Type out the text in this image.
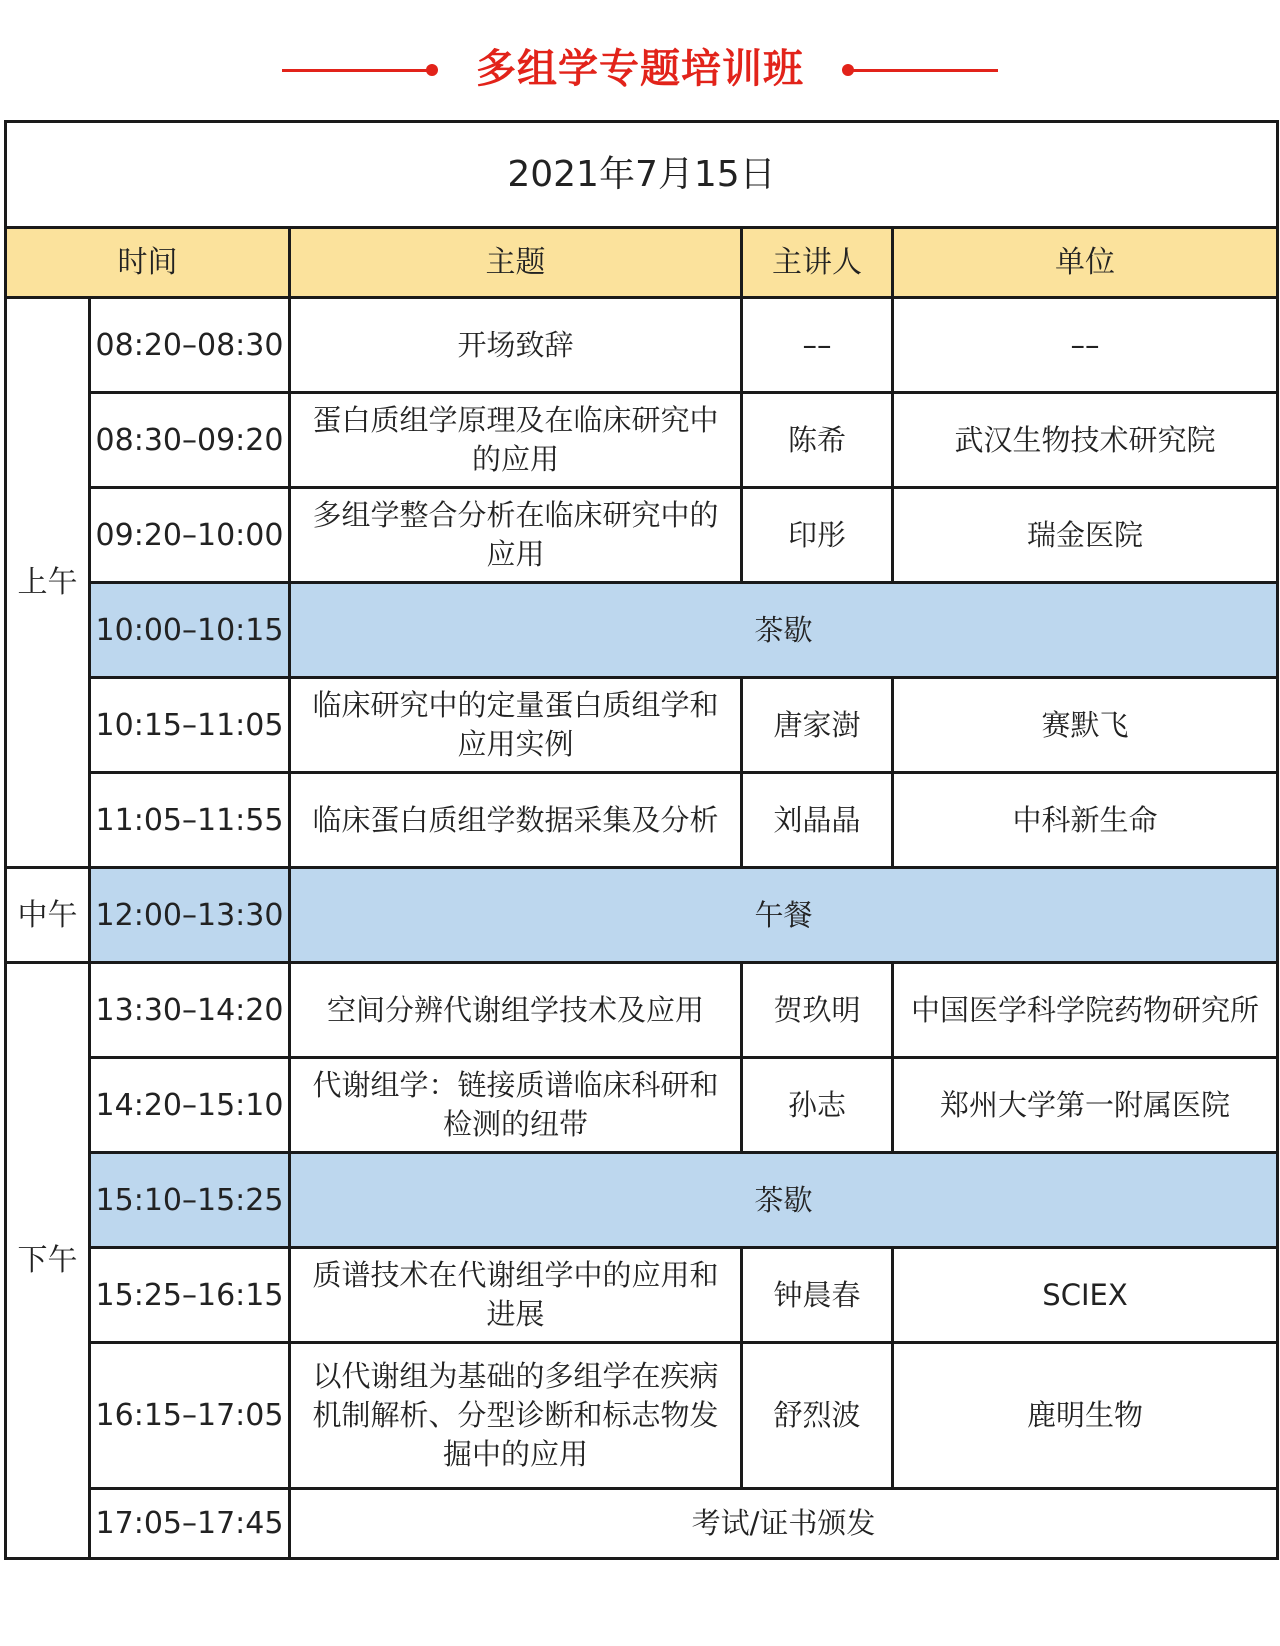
多组学专题培训班
2021年7月15日				
时间		主题	主讲人	单位
上午	08:20–08:30	开场致辞	––	––
	08:30–09:20	蛋白质组学原理及在临床研究中的应用	陈希	武汉生物技术研究院
	09:20–10:00	多组学整合分析在临床研究中的应用	印彤	瑞金医院
	10:00–10:15	茶歇		
	10:15–11:05	临床研究中的定量蛋白质组学和应用实例	唐家澍	赛默飞
	11:05–11:55	临床蛋白质组学数据采集及分析	刘晶晶	中科新生命
中午	12:00–13:30	午餐		
下午	13:30–14:20	空间分辨代谢组学技术及应用	贺玖明	中国医学科学院药物研究所
	14:20–15:10	代谢组学：链接质谱临床科研和检测的纽带	孙志	郑州大学第一附属医院
	15:10–15:25	茶歇		
	15:25–16:15	质谱技术在代谢组学中的应用和进展	钟晨春	SCIEX
	16:15–17:05	以代谢组为基础的多组学在疾病机制解析、分型诊断和标志物发掘中的应用	舒烈波	鹿明生物
	17:05–17:45	考试/证书颁发		
